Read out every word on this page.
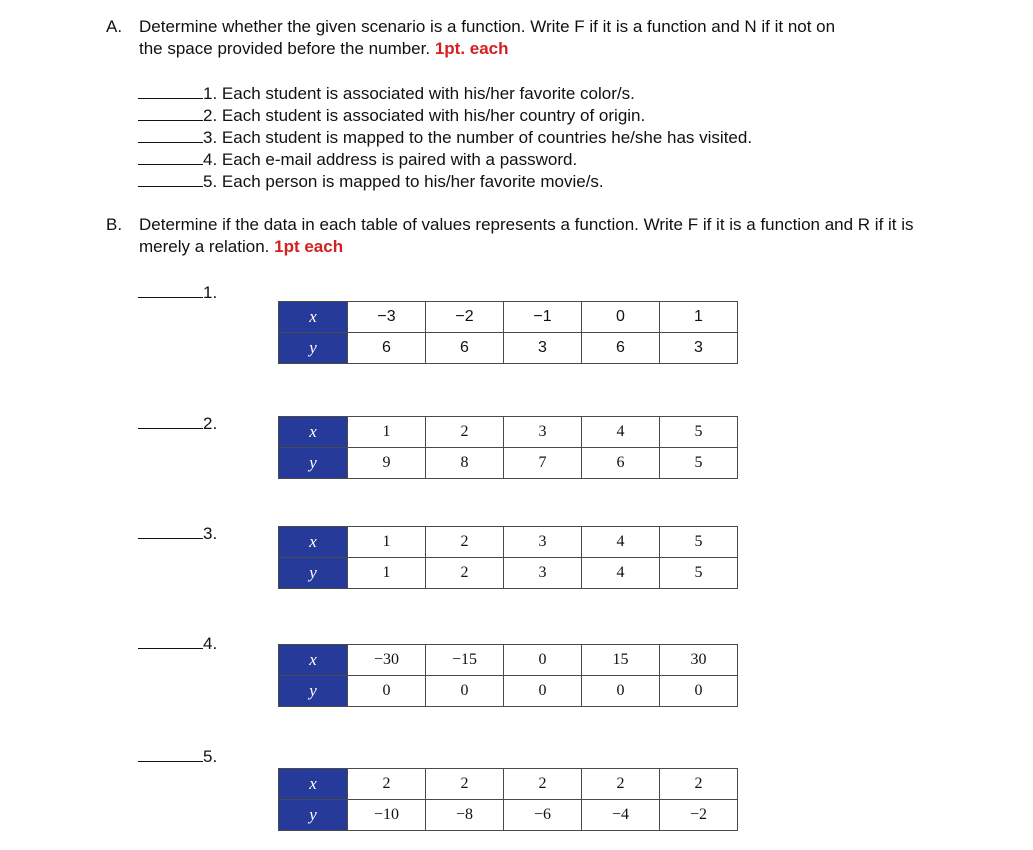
A. Determine whether the given scenario is a function. Write F if it is a function and N if it not on
the space provided before the number. 1pt. each
1. Each student is associated with his/her favorite color/s.
2. Each student is associated with his/her country of origin.
3. Each student is mapped to the number of countries he/she has visited.
4. Each e-mail address is paired with a password.
5. Each person is mapped to his/her favorite movie/s.
B. Determine if the data in each table of values represents a function. Write F if it is a function and R if it is
merely a relation. 1pt each
1.
x	−3	−2	−1	0	1
y	6	6	3	6	3
2.	x	1	2	3	4	5
y	9	8	7	6	5
3.	x	1	2	3	4	5
y	1	2	3	4	5
4.
x	−30	−15	0	15	30
y	0	0	0	0	0
5.
x	2	2	2	2	2
y	−10	−8	−6	−4	−2
